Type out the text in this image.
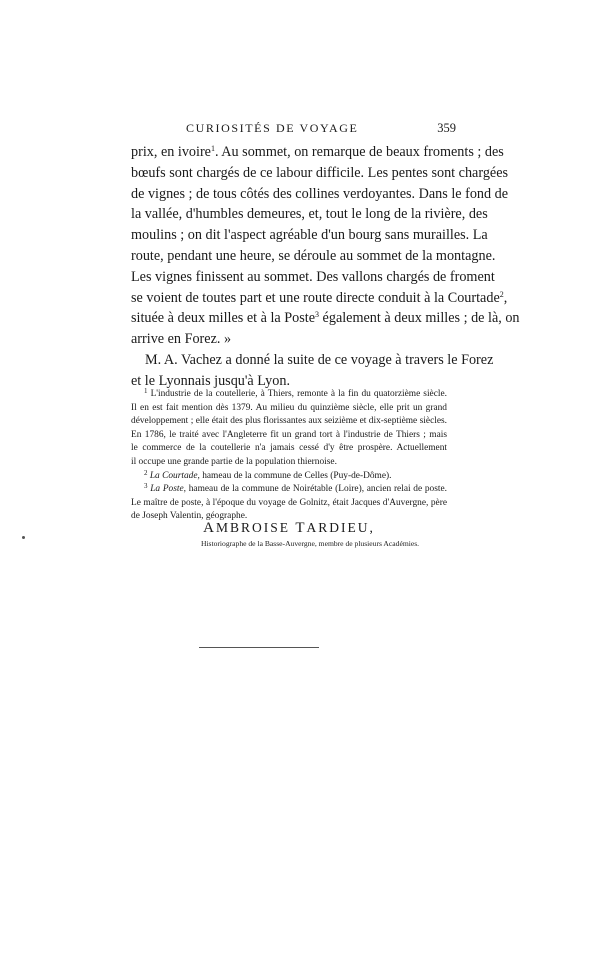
CURIOSITÉS DE VOYAGE	359
prix, en ivoire$^1$. Au sommet, on remarque de beaux froments ; des
bœufs sont chargés de ce labour difficile. Les pentes sont chargées
de vignes ; de tous côtés des collines verdoyantes. Dans le fond de
la vallée, d'humbles demeures, et, tout le long de la rivière, des
moulins ; on dit l'aspect agréable d'un bourg sans murailles. La
route, pendant une heure, se déroule au sommet de la montagne.
Les vignes finissent au sommet. Des vallons chargés de froment
se voient de toutes part et une route directe conduit à la Courtade$^2$,
située à deux milles et à la Poste$^3$ également à deux milles ; de là, on
arrive en Forez. »
M. A. Vachez a donné la suite de ce voyage à travers le Forez
et le Lyonnais jusqu'à Lyon.
$^1$ L'industrie de la coutellerie, à Thiers, remonte à la fin du quatorzième siècle.
Il en est fait mention dès 1379. Au milieu du quinzième siècle, elle prit un grand
développement ; elle était des plus florissantes aux seizième et dix-septième siècles.
En 1786, le traité avec l'Angleterre fit un grand tort à l'industrie de Thiers ; mais
le commerce de la coutellerie n'a jamais cessé d'y être prospère. Actuellement
il occupe une grande partie de la population thiernoise.
$^2$ La Courtade, hameau de la commune de Celles (Puy-de-Dôme).
$^3$ La Poste, hameau de la commune de Noirétable (Loire), ancien relai de poste.
Le maître de poste, à l'époque du voyage de Golnitz, était Jacques d'Auvergne, père
de Joseph Valentin, géographe.
AMBROISE TARDIEU,
Historiographe de la Basse-Auvergne, membre de plusieurs Académies.
